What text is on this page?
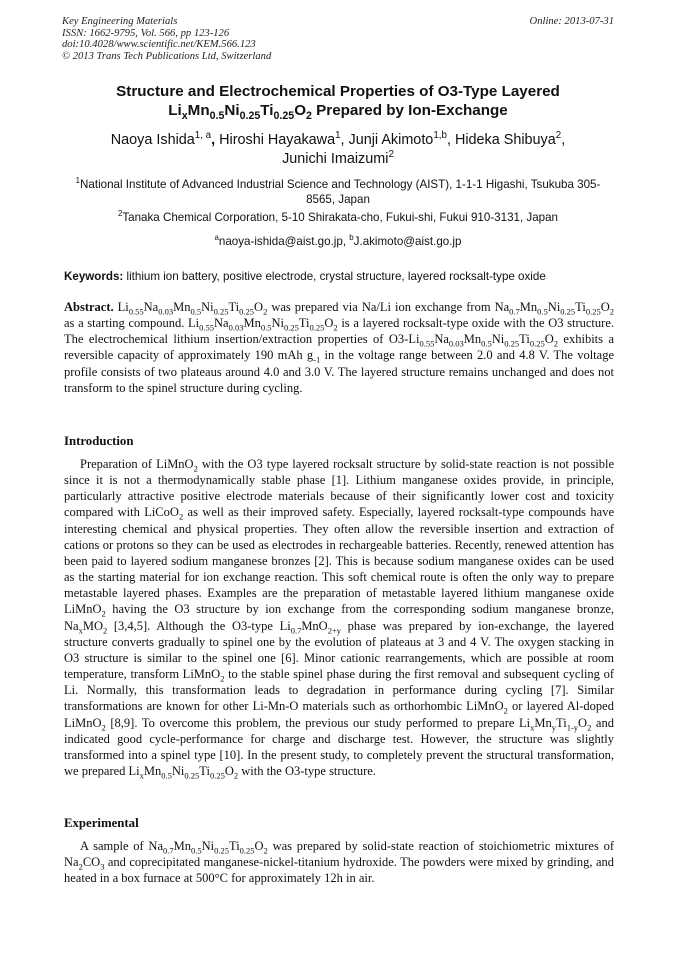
Key Engineering Materials
ISSN: 1662-9795, Vol. 566, pp 123-126
doi:10.4028/www.scientific.net/KEM.566.123
© 2013 Trans Tech Publications Ltd, Switzerland
Online: 2013-07-31
Structure and Electrochemical Properties of O3-Type Layered
$Li_xMn_{0.5}Ni_{0.25}Ti_{0.25}O_2$ Prepared by Ion-Exchange
Naoya Ishida$^{1, a}$, Hiroshi Hayakawa$^1$, Junji Akimoto$^{1,b}$, Hideka Shibuya$^2$,
Junichi Imaizumi$^2$
$^1$National Institute of Advanced Industrial Science and Technology (AIST), 1-1-1 Higashi, Tsukuba 305-8565, Japan
$^2$Tanaka Chemical Corporation, 5-10 Shirakata-cho, Fukui-shi, Fukui 910-3131, Japan
$^a$naoya-ishida@aist.go.jp, $^b$J.akimoto@aist.go.jp
Keywords: lithium ion battery, positive electrode, crystal structure, layered rocksalt-type oxide
Abstract. $Li_{0.55}Na_{0.03}Mn_{0.5}Ni_{0.25}Ti_{0.25}O_2$ was prepared via Na/Li ion exchange from $Na_{0.7}Mn_{0.5}Ni_{0.25}Ti_{0.25}O_2$ as a starting compound. $Li_{0.55}Na_{0.03}Mn_{0.5}Ni_{0.25}Ti_{0.25}O_2$ is a layered rocksalt-type oxide with the O3 structure. The electrochemical lithium insertion/extraction properties of $O3-Li_{0.55}Na_{0.03}Mn_{0.5}Ni_{0.25}Ti_{0.25}O_2$ exhibits a reversible capacity of approximately 190 mAh $g_{-1}$ in the voltage range between 2.0 and 4.8 V. The voltage profile consists of two plateaus around 4.0 and 3.0 V. The layered structure remains unchanged and does not transform to the spinel structure during cycling.
Introduction
Preparation of LiMnO$_2$ with the O3 type layered rocksalt structure by solid-state reaction is not possible since it is not a thermodynamically stable phase [1]. Lithium manganese oxides provide, in principle, particularly attractive positive electrode materials because of their significantly lower cost and toxicity compared with LiCoO$_2$ as well as their improved safety. Especially, layered rocksalt-type compounds have interesting chemical and physical properties. They often allow the reversible insertion and extraction of cations or protons so they can be used as electrodes in rechargeable batteries. Recently, renewed attention has been paid to layered sodium manganese bronzes [2]. This is because sodium manganese oxides can be used as the starting material for ion exchange reaction. This soft chemical route is often the only way to prepare metastable layered phases. Examples are the preparation of metastable layered lithium manganese oxide LiMnO$_2$ having the O3 structure by ion exchange from the corresponding sodium manganese bronze, $Na_xMO_2$ [3,4,5]. Although the O3-type $Li_{0.7}MnO_{2+y}$ phase was prepared by ion-exchange, the layered structure converts gradually to spinel one by the evolution of plateaus at 3 and 4 V. The oxygen stacking in O3 structure is similar to the spinel one [6]. Minor cationic rearrangements, which are possible at room temperature, transform LiMnO$_2$ to the stable spinel phase during the first removal and subsequent cycling of Li. Normally, this transformation leads to degradation in performance during cycling [7]. Similar transformations are known for other Li-Mn-O materials such as orthorhombic LiMnO$_2$ or layered Al-doped LiMnO$_2$ [8,9]. To overcome this problem, the previous our study performed to prepare $Li_xMn_yTi_{1-y}O_2$ and indicated good cycle-performance for charge and discharge test. However, the structure was slightly transformed into a spinel type [10]. In the present study, to completely prevent the structural transformation, we prepared $Li_xMn_{0.5}Ni_{0.25}Ti_{0.25}O_2$ with the O3-type structure.
Experimental
A sample of $Na_{0.7}Mn_{0.5}Ni_{0.25}Ti_{0.25}O_2$ was prepared by solid-state reaction of stoichiometric mixtures of $Na_2CO_3$ and coprecipitated manganese-nickel-titanium hydroxide. The powders were mixed by grinding, and heated in a box furnace at 500°C for approximately 12h in air.
